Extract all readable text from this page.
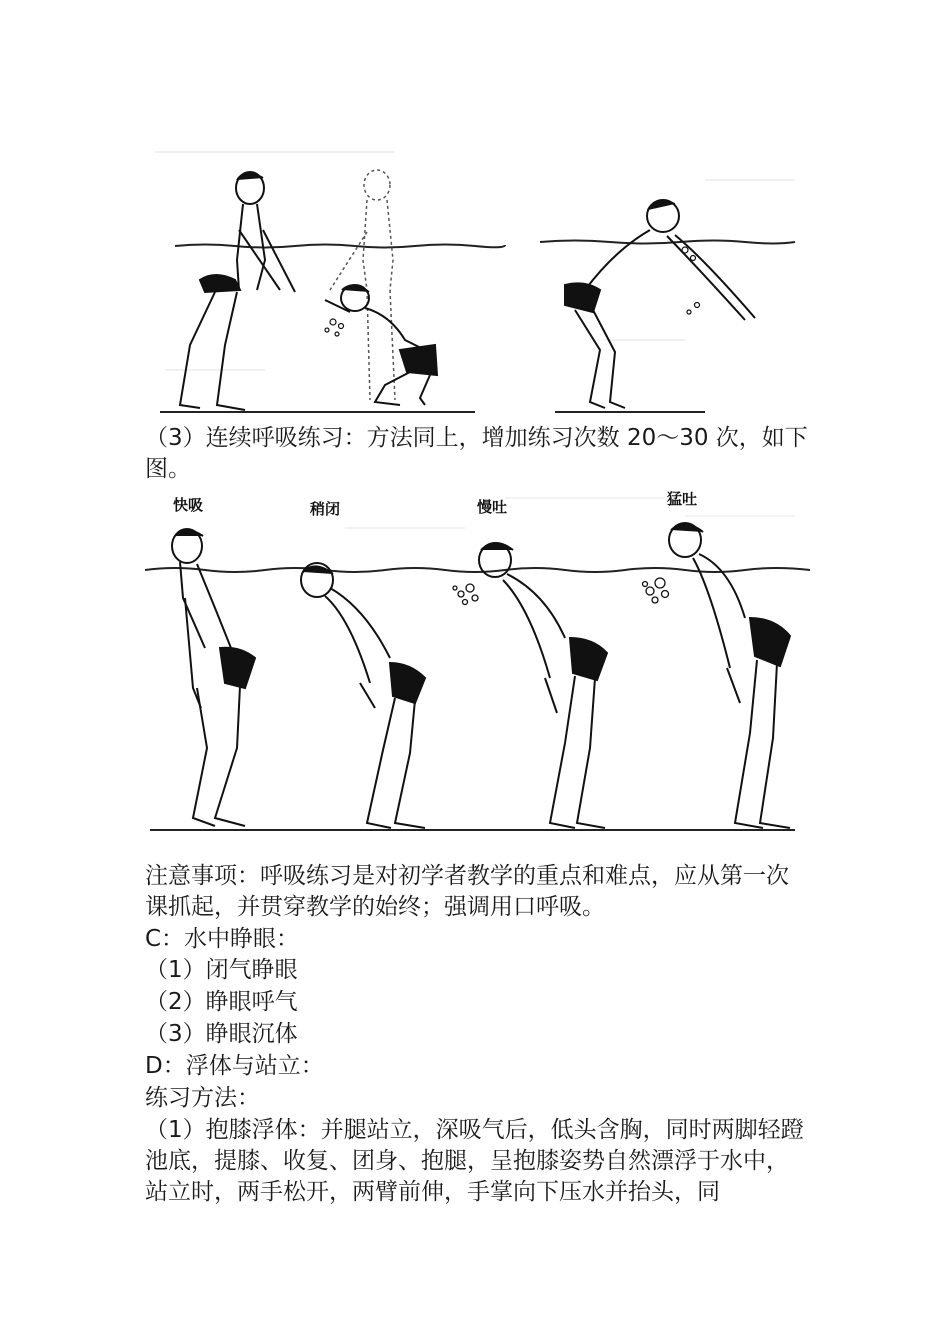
（3）连续呼吸练习：方法同上，增加练习次数 20～30 次，如下图。

快吸	稍闭	慢吐	猛吐

注意事项：呼吸练习是对初学者教学的重点和难点，应从第一次课抓起，并贯穿教学的始终；强调用口呼吸。

C：水中睁眼：

（1）闭气睁眼

（2）睁眼呼气

（3）睁眼沉体

D：浮体与站立：

练习方法：

（1）抱膝浮体：并腿站立，深吸气后，低头含胸，同时两脚轻蹬池底，提膝、收复、团身、抱腿，呈抱膝姿势自然漂浮于水中，站立时，两手松开，两臂前伸，手掌向下压水并抬头，同
